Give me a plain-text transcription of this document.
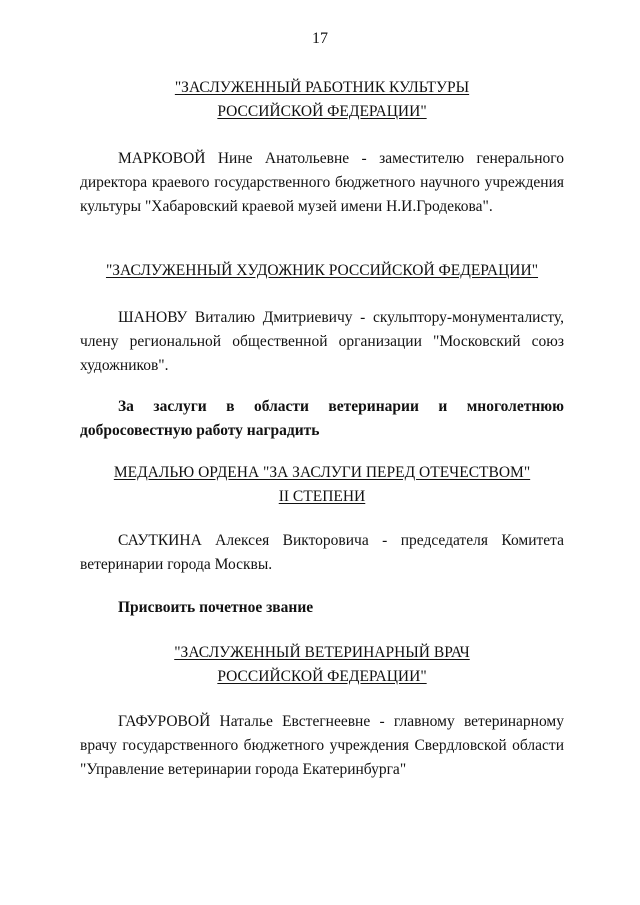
17
"ЗАСЛУЖЕННЫЙ РАБОТНИК КУЛЬТУРЫ
РОССИЙСКОЙ ФЕДЕРАЦИИ"
МАРКОВОЙ Нине Анатольевне - заместителю генерального директора краевого государственного бюджетного научного учреждения культуры "Хабаровский краевой музей имени Н.И.Гродекова".
"ЗАСЛУЖЕННЫЙ ХУДОЖНИК РОССИЙСКОЙ ФЕДЕРАЦИИ"
ШАНОВУ Виталию Дмитриевичу - скульптору-монументалисту, члену региональной общественной организации "Московский союз художников".
За заслуги в области ветеринарии и многолетнюю добросовестную работу наградить
МЕДАЛЬЮ ОРДЕНА "ЗА ЗАСЛУГИ ПЕРЕД ОТЕЧЕСТВОМ"
II СТЕПЕНИ
САУТКИНА Алексея Викторовича - председателя Комитета ветеринарии города Москвы.
Присвоить почетное звание
"ЗАСЛУЖЕННЫЙ ВЕТЕРИНАРНЫЙ ВРАЧ
РОССИЙСКОЙ ФЕДЕРАЦИИ"
ГАФУРОВОЙ Наталье Евстегнеевне - главному ветеринарному врачу государственного бюджетного учреждения Свердловской области "Управление ветеринарии города Екатеринбурга"
